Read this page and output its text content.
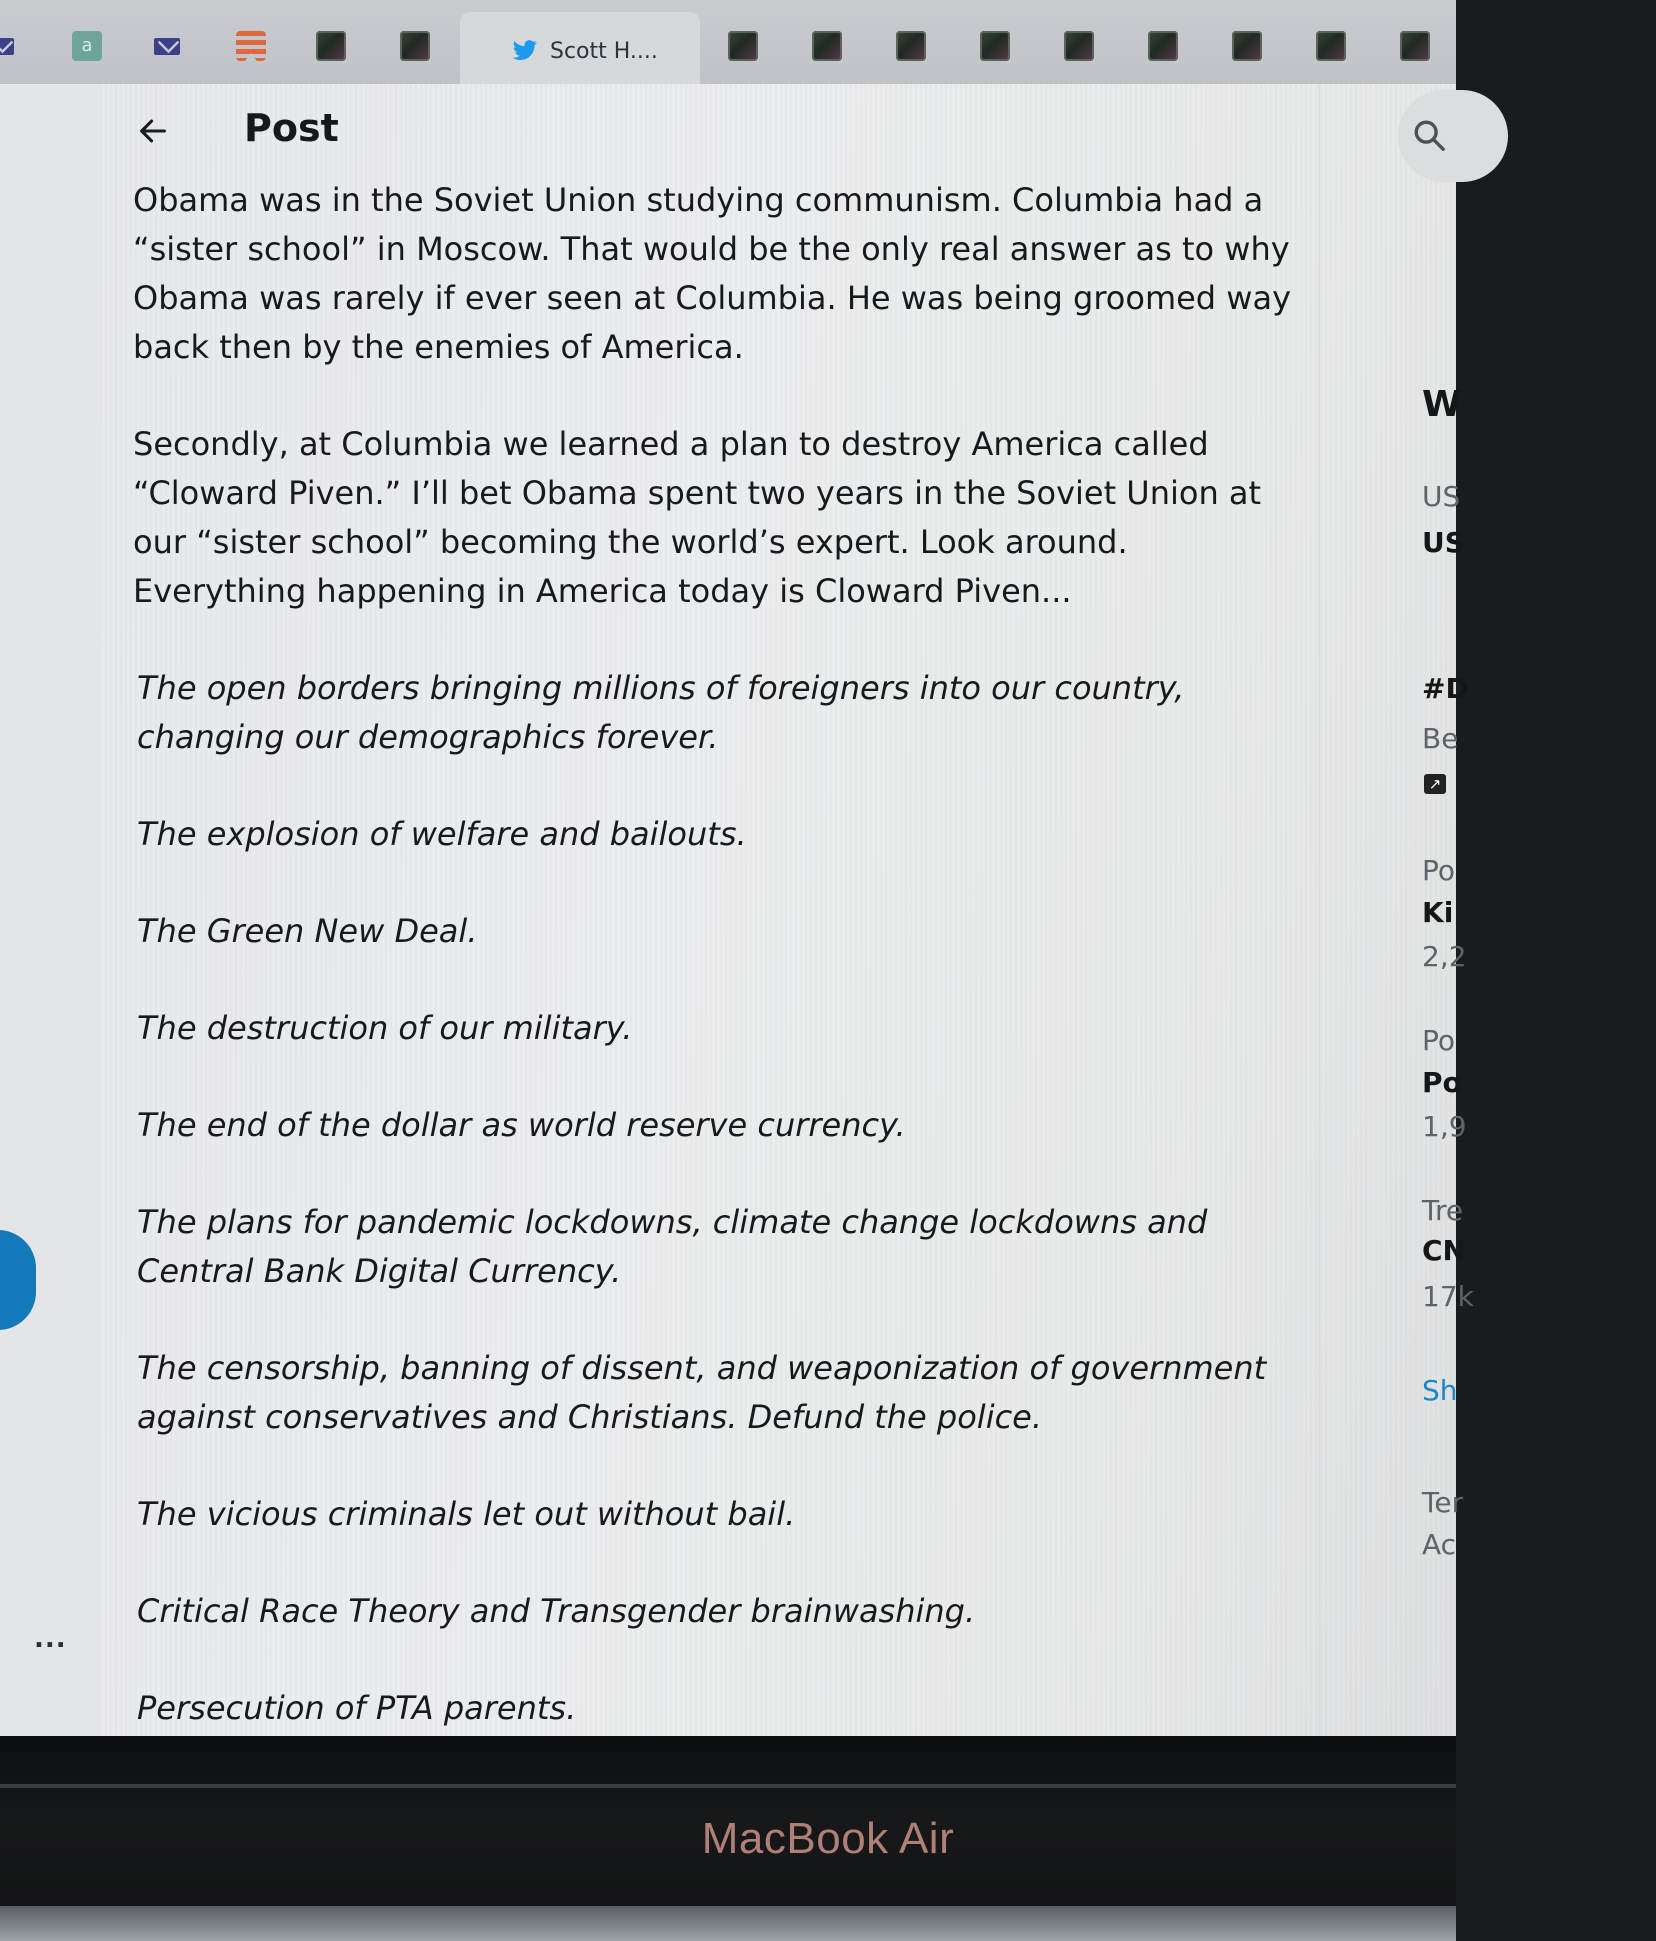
a	Scott H....
...
Post

Obama was in the Soviet Union studying communism. Columbia had a “sister school” in Moscow. That would be the only real answer as to why Obama was rarely if ever seen at Columbia. He was being groomed way back then by the enemies of America.

Secondly, at Columbia we learned a plan to destroy America called “Cloward Piven.” I’ll bet Obama spent two years in the Soviet Union at our “sister school” becoming the world’s expert. Look around. Everything happening in America today is Cloward Piven...

The open borders bringing millions of foreigners into our country, changing our demographics forever.

The explosion of welfare and bailouts.

The Green New Deal.

The destruction of our military.

The end of the dollar as world reserve currency.

The plans for pandemic lockdowns, climate change lockdowns and Central Bank Digital Currency.

The censorship, banning of dissent, and weaponization of government against conservatives and Christians. Defund the police.

The vicious criminals let out without bail.

Critical Race Theory and Transgender brainwashing.

Persecution of PTA parents.

W
US
US
#D
Be
↗
Po
Ki
2,2
Po
Po
1,9
Tre
CN
17k
Sh
Ter
Ac
MacBook Air
